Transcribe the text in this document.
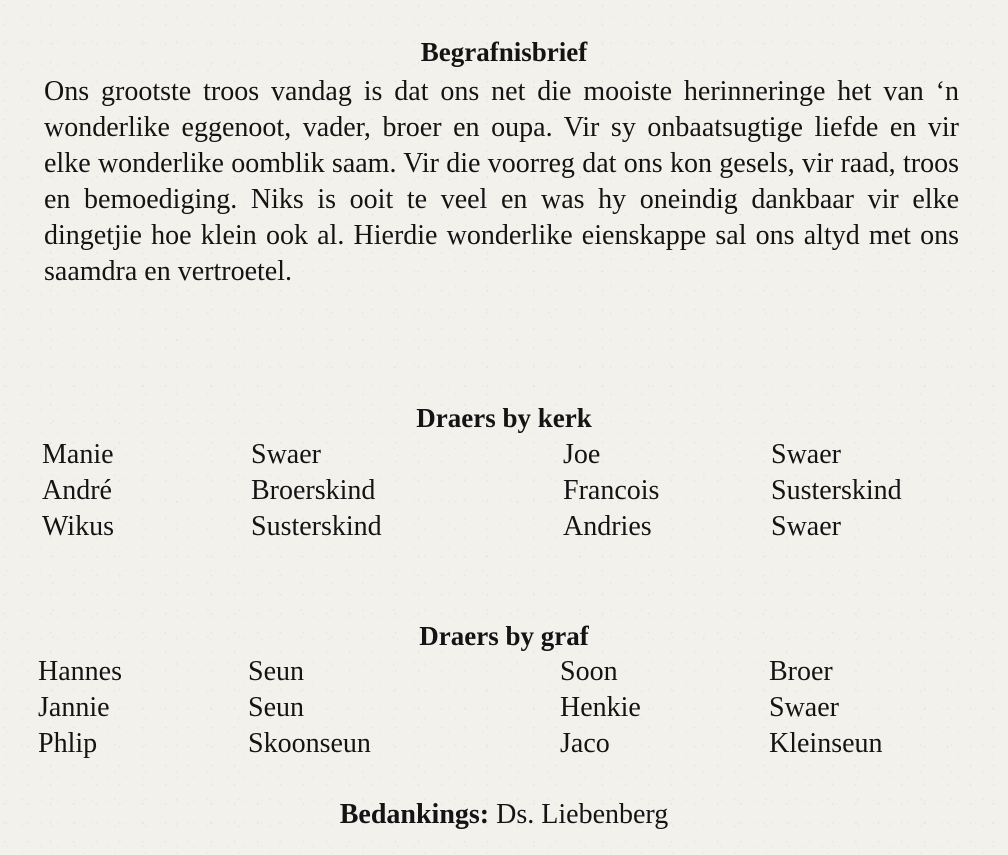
Begrafnisbrief

Ons grootste troos vandag is dat ons net die mooiste herinneringe het van ‘n wonderlike eggenoot, vader, broer en oupa. Vir sy onbaatsugtige liefde en vir elke wonderlike oomblik saam. Vir die voorreg dat ons kon gesels, vir raad, troos en bemoediging. Niks is ooit te veel en was hy oneindig dankbaar vir elke dingetjie hoe klein ook al. Hierdie wonderlike eienskappe sal ons altyd met ons saamdra en vertroetel.

Draers by kerk
Manie	Swaer	Joe	Swaer
André	Broerskind	Francois	Susterskind
Wikus	Susterskind	Andries	Swaer
Draers by graf
Hannes	Seun	Soon	Broer
Jannie	Seun	Henkie	Swaer
Phlip	Skoonseun	Jaco	Kleinseun
Bedankings: Ds. Liebenberg
